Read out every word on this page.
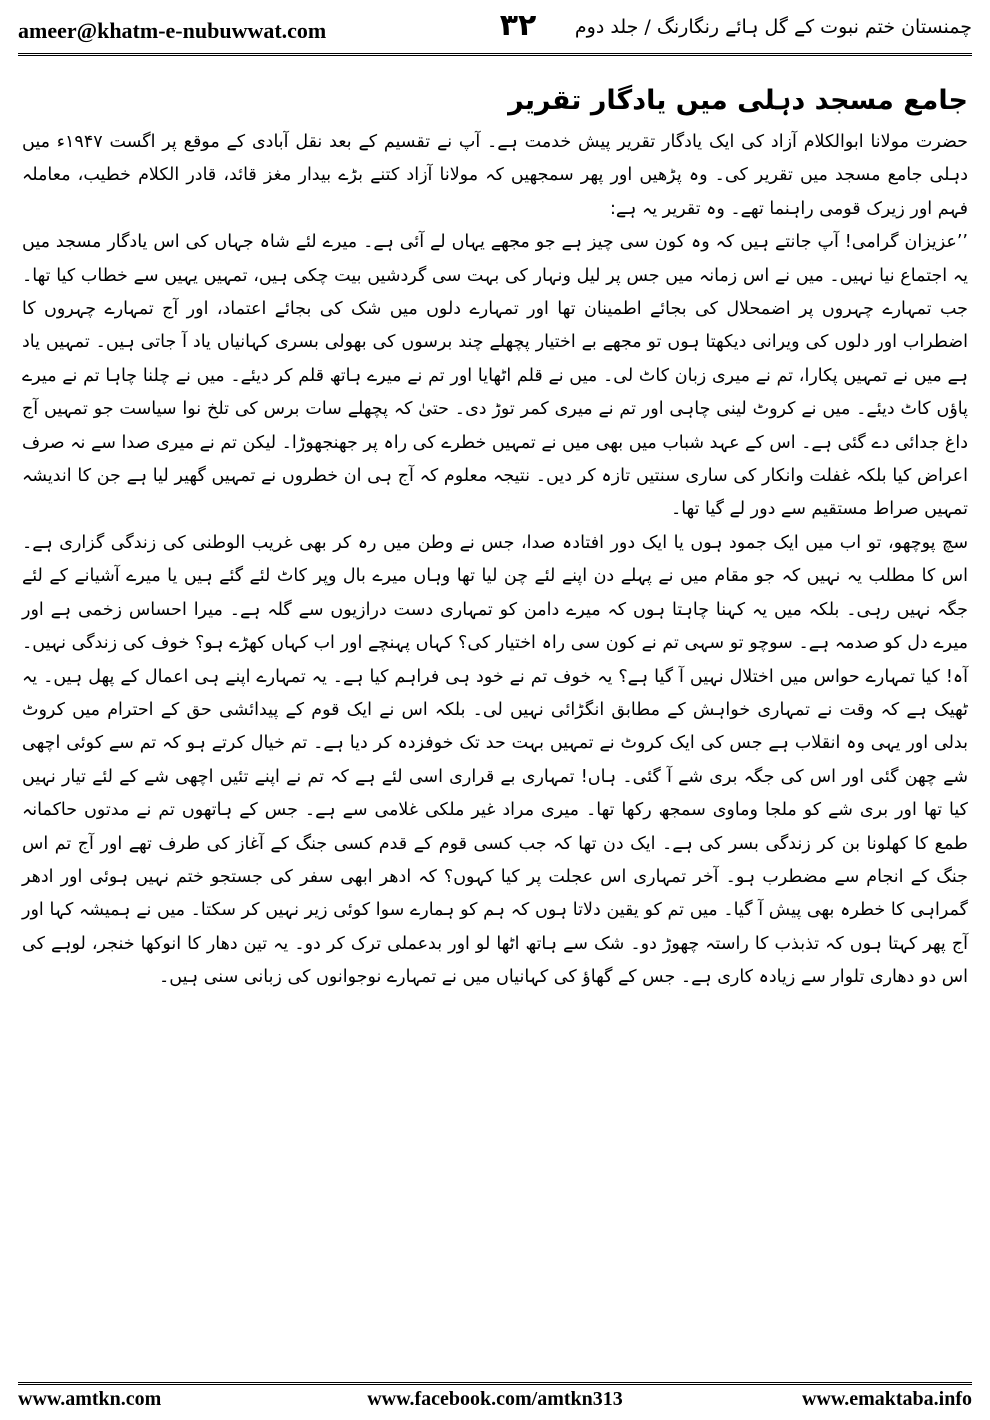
ameer@khatm-e-nubuwwat.com	۳۲	چمنستان ختم نبوت کے گل ہائے رنگارنگ / جلد دوم
جامع مسجد دہلی میں یادگار تقریر

حضرت مولانا ابوالکلام آزاد کی ایک یادگار تقریر پیش خدمت ہے۔ آپ نے تقسیم کے بعد نقل آبادی کے موقع پر اگست ۱۹۴۷ء میں دہلی جامع مسجد میں تقریر کی۔ وہ پڑھیں اور پھر سمجھیں کہ مولانا آزاد کتنے بڑے بیدار مغز قائد، قادر الکلام خطیب، معاملہ فہم اور زیرک قومی راہنما تھے۔ وہ تقریر یہ ہے:

’’عزیزان گرامی! آپ جانتے ہیں کہ وہ کون سی چیز ہے جو مجھے یہاں لے آئی ہے۔ میرے لئے شاہ جہاں کی اس یادگار مسجد میں یہ اجتماع نیا نہیں۔ میں نے اس زمانہ میں جس پر لیل ونہار کی بہت سی گردشیں بیت چکی ہیں، تمہیں یہیں سے خطاب کیا تھا۔ جب تمہارے چہروں پر اضمحلال کی بجائے اطمینان تھا اور تمہارے دلوں میں شک کی بجائے اعتماد، اور آج تمہارے چہروں کا اضطراب اور دلوں کی ویرانی دیکھتا ہوں تو مجھے بے اختیار پچھلے چند برسوں کی بھولی بسری کہانیاں یاد آ جاتی ہیں۔ تمہیں یاد ہے میں نے تمہیں پکارا، تم نے میری زبان کاٹ لی۔ میں نے قلم اٹھایا اور تم نے میرے ہاتھ قلم کر دیئے۔ میں نے چلنا چاہا تم نے میرے پاؤں کاٹ دیئے۔ میں نے کروٹ لینی چاہی اور تم نے میری کمر توڑ دی۔ حتیٰ کہ پچھلے سات برس کی تلخ نوا سیاست جو تمہیں آج داغ جدائی دے گئی ہے۔ اس کے عہد شباب میں بھی میں نے تمہیں خطرے کی راہ پر جھنجھوڑا۔ لیکن تم نے میری صدا سے نہ صرف اعراض کیا بلکہ غفلت وانکار کی ساری سنتیں تازہ کر دیں۔ نتیجہ معلوم کہ آج ہی ان خطروں نے تمہیں گھیر لیا ہے جن کا اندیشہ تمہیں صراط مستقیم سے دور لے گیا تھا۔

سچ پوچھو، تو اب میں ایک جمود ہوں یا ایک دور افتادہ صدا، جس نے وطن میں رہ کر بھی غریب الوطنی کی زندگی گزاری ہے۔ اس کا مطلب یہ نہیں کہ جو مقام میں نے پہلے دن اپنے لئے چن لیا تھا وہاں میرے بال وپر کاٹ لئے گئے ہیں یا میرے آشیانے کے لئے جگہ نہیں رہی۔ بلکہ میں یہ کہنا چاہتا ہوں کہ میرے دامن کو تمہاری دست درازیوں سے گلہ ہے۔ میرا احساس زخمی ہے اور میرے دل کو صدمہ ہے۔ سوچو تو سہی تم نے کون سی راہ اختیار کی؟ کہاں پہنچے اور اب کہاں کھڑے ہو؟ خوف کی زندگی نہیں۔ آہ! کیا تمہارے حواس میں اختلال نہیں آ گیا ہے؟ یہ خوف تم نے خود ہی فراہم کیا ہے۔ یہ تمہارے اپنے ہی اعمال کے پھل ہیں۔ یہ ٹھیک ہے کہ وقت نے تمہاری خواہش کے مطابق انگڑائی نہیں لی۔ بلکہ اس نے ایک قوم کے پیدائشی حق کے احترام میں کروٹ بدلی اور یہی وہ انقلاب ہے جس کی ایک کروٹ نے تمہیں بہت حد تک خوفزدہ کر دیا ہے۔ تم خیال کرتے ہو کہ تم سے کوئی اچھی شے چھن گئی اور اس کی جگہ بری شے آ گئی۔ ہاں! تمہاری بے قراری اسی لئے ہے کہ تم نے اپنے تئیں اچھی شے کے لئے تیار نہیں کیا تھا اور بری شے کو ملجا وماوی سمجھ رکھا تھا۔ میری مراد غیر ملکی غلامی سے ہے۔ جس کے ہاتھوں تم نے مدتوں حاکمانہ طمع کا کھلونا بن کر زندگی بسر کی ہے۔ ایک دن تھا کہ جب کسی قوم کے قدم کسی جنگ کے آغاز کی طرف تھے اور آج تم اس جنگ کے انجام سے مضطرب ہو۔ آخر تمہاری اس عجلت پر کیا کہوں؟ کہ ادھر ابھی سفر کی جستجو ختم نہیں ہوئی اور ادھر گمراہی کا خطرہ بھی پیش آ گیا۔ میں تم کو یقین دلاتا ہوں کہ ہم کو ہمارے سوا کوئی زیر نہیں کر سکتا۔ میں نے ہمیشہ کہا اور آج پھر کہتا ہوں کہ تذبذب کا راستہ چھوڑ دو۔ شک سے ہاتھ اٹھا لو اور بدعملی ترک کر دو۔ یہ تین دھار کا انوکھا خنجر، لوہے کی اس دو دھاری تلوار سے زیادہ کاری ہے۔ جس کے گھاؤ کی کہانیاں میں نے تمہارے نوجوانوں کی زبانی سنی ہیں۔

www.amtkn.com	www.facebook.com/amtkn313	www.emaktaba.info
